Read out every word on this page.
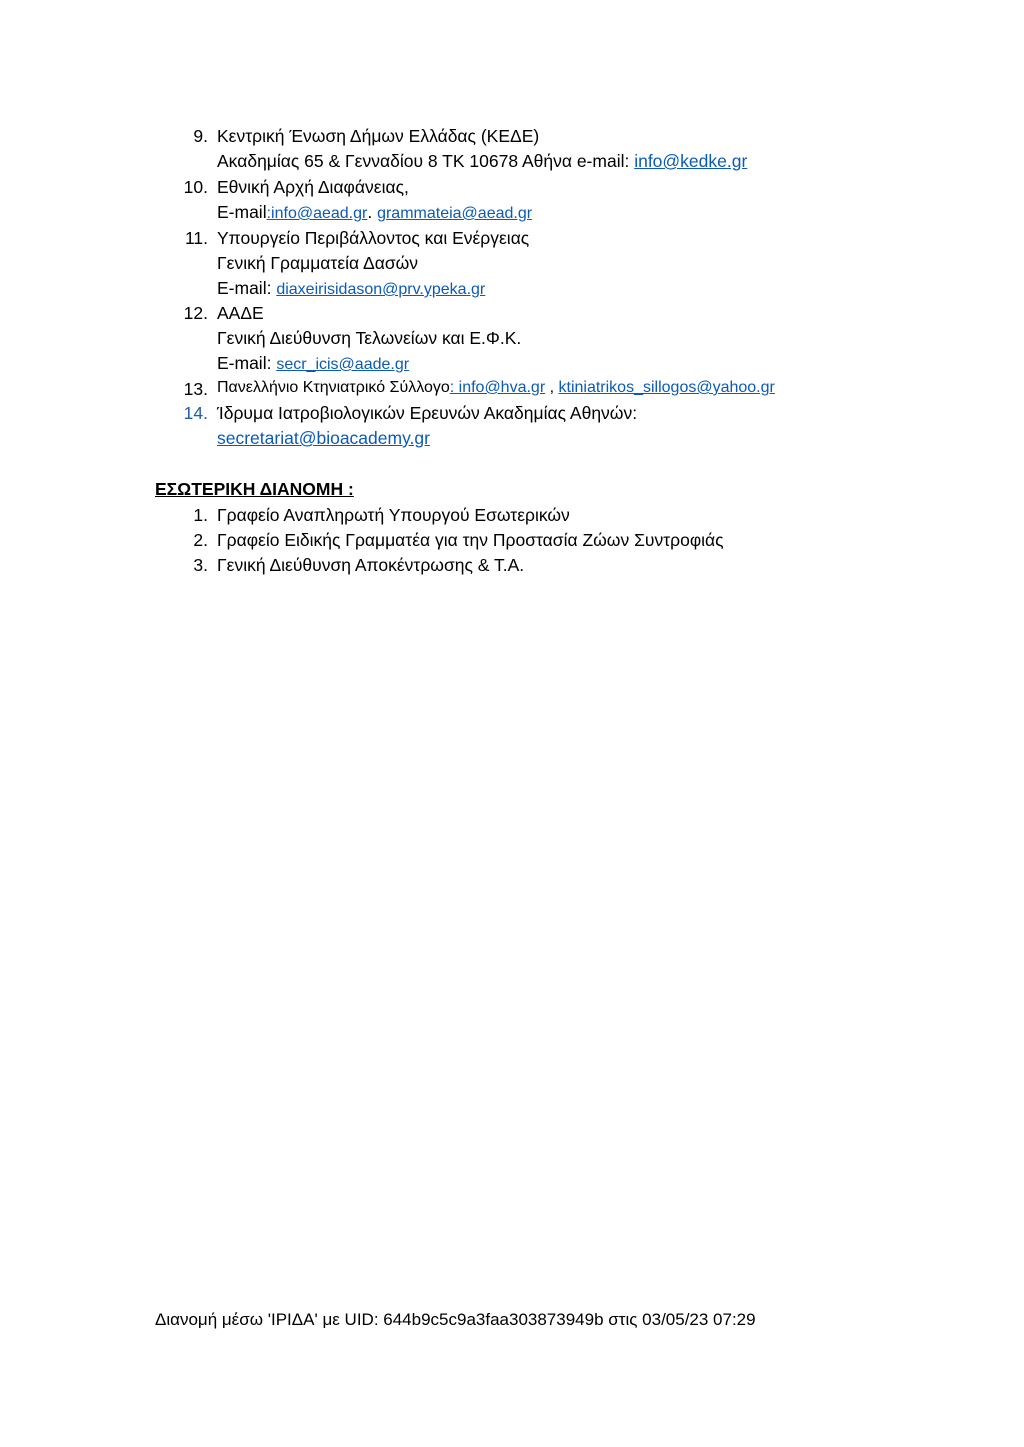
9. Κεντρική Ένωση Δήμων Ελλάδας (ΚΕΔΕ)
Ακαδημίας 65 & Γενναδίου 8 ΤΚ 10678 Αθήνα e-mail: info@kedke.gr
10. Εθνική Αρχή Διαφάνειας,
E-mail:info@aead.gr. grammateia@aead.gr
11. Υπουργείο Περιβάλλοντος και Ενέργειας
Γενική Γραμματεία Δασών
E-mail: diaxeirisidason@prv.ypeka.gr
12. ΑΑΔΕ
Γενική Διεύθυνση Τελωνείων και Ε.Φ.Κ.
E-mail: secr_icis@aade.gr
13. Πανελλήνιο Κτηνιατρικό Σύλλογο: info@hva.gr , ktiniatrikos_sillogos@yahoo.gr
14. Ίδρυμα Ιατροβιολογικών Ερευνών Ακαδημίας Αθηνών:
secretariat@bioacademy.gr
ΕΣΩΤΕΡΙΚΗ ΔΙΑΝΟΜΗ :
1. Γραφείο Αναπληρωτή Υπουργού Εσωτερικών
2. Γραφείο Ειδικής Γραμματέα για την Προστασία Ζώων Συντροφιάς
3. Γενική Διεύθυνση Αποκέντρωσης & Τ.Α.
Διανομή μέσω 'ΙΡΙΔΑ' με UID: 644b9c5c9a3faa303873949b στις 03/05/23 07:29
